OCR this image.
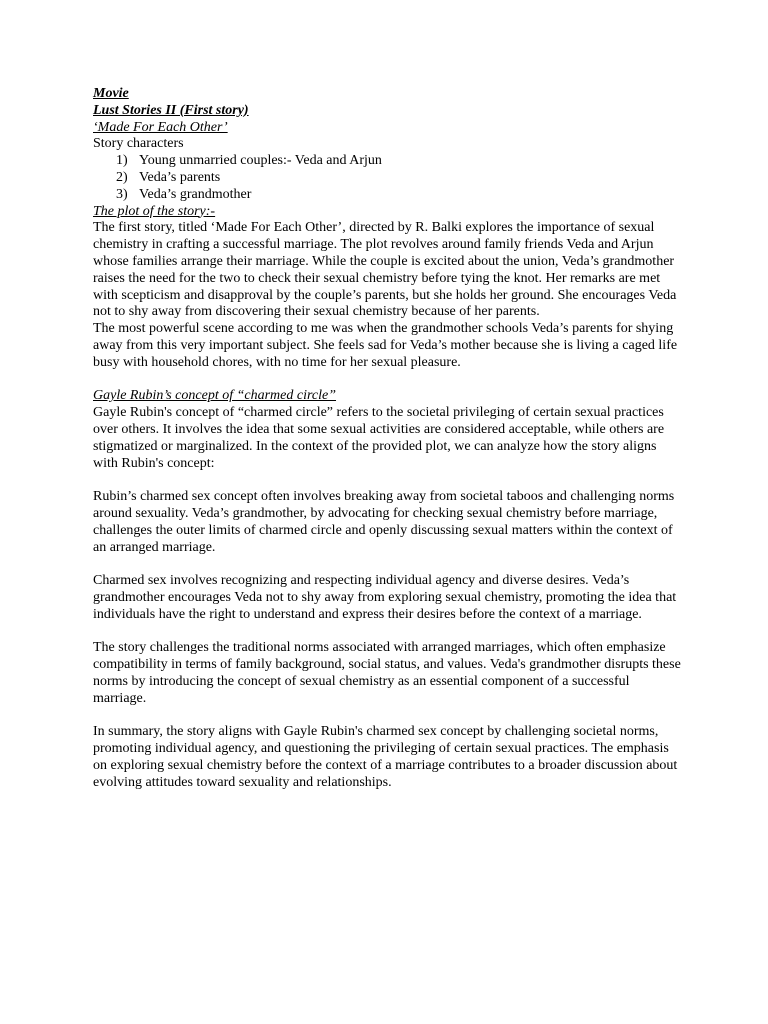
Movie

Lust Stories II (First story)

‘Made For Each Other’

Story characters

1) Young unmarried couples:- Veda and Arjun
2) Veda’s parents
3) Veda’s grandmother

The plot of the story:-

The first story, titled ‘Made For Each Other’, directed by R. Balki explores the importance of sexual chemistry in crafting a successful marriage. The plot revolves around family friends Veda and Arjun whose families arrange their marriage. While the couple is excited about the union, Veda’s grandmother raises the need for the two to check their sexual chemistry before tying the knot. Her remarks are met with scepticism and disapproval by the couple’s parents, but she holds her ground. She encourages Veda not to shy away from discovering their sexual chemistry because of her parents.

The most powerful scene according to me was when the grandmother schools Veda’s parents for shying away from this very important subject. She feels sad for Veda’s mother because she is living a caged life busy with household chores, with no time for her sexual pleasure.

Gayle Rubin’s concept of “charmed circle”

Gayle Rubin's concept of “charmed circle” refers to the societal privileging of certain sexual practices over others. It involves the idea that some sexual activities are considered acceptable, while others are stigmatized or marginalized. In the context of the provided plot, we can analyze how the story aligns with Rubin's concept:

Rubin’s charmed sex concept often involves breaking away from societal taboos and challenging norms around sexuality. Veda’s grandmother, by advocating for checking sexual chemistry before marriage, challenges the outer limits of charmed circle and openly discussing sexual matters within the context of an arranged marriage.

Charmed sex involves recognizing and respecting individual agency and diverse desires. Veda’s grandmother encourages Veda not to shy away from exploring sexual chemistry, promoting the idea that individuals have the right to understand and express their desires before the context of a marriage.

The story challenges the traditional norms associated with arranged marriages, which often emphasize compatibility in terms of family background, social status, and values. Veda's grandmother disrupts these norms by introducing the concept of sexual chemistry as an essential component of a successful marriage.

In summary, the story aligns with Gayle Rubin's charmed sex concept by challenging societal norms, promoting individual agency, and questioning the privileging of certain sexual practices. The emphasis on exploring sexual chemistry before the context of a marriage contributes to a broader discussion about evolving attitudes toward sexuality and relationships.
